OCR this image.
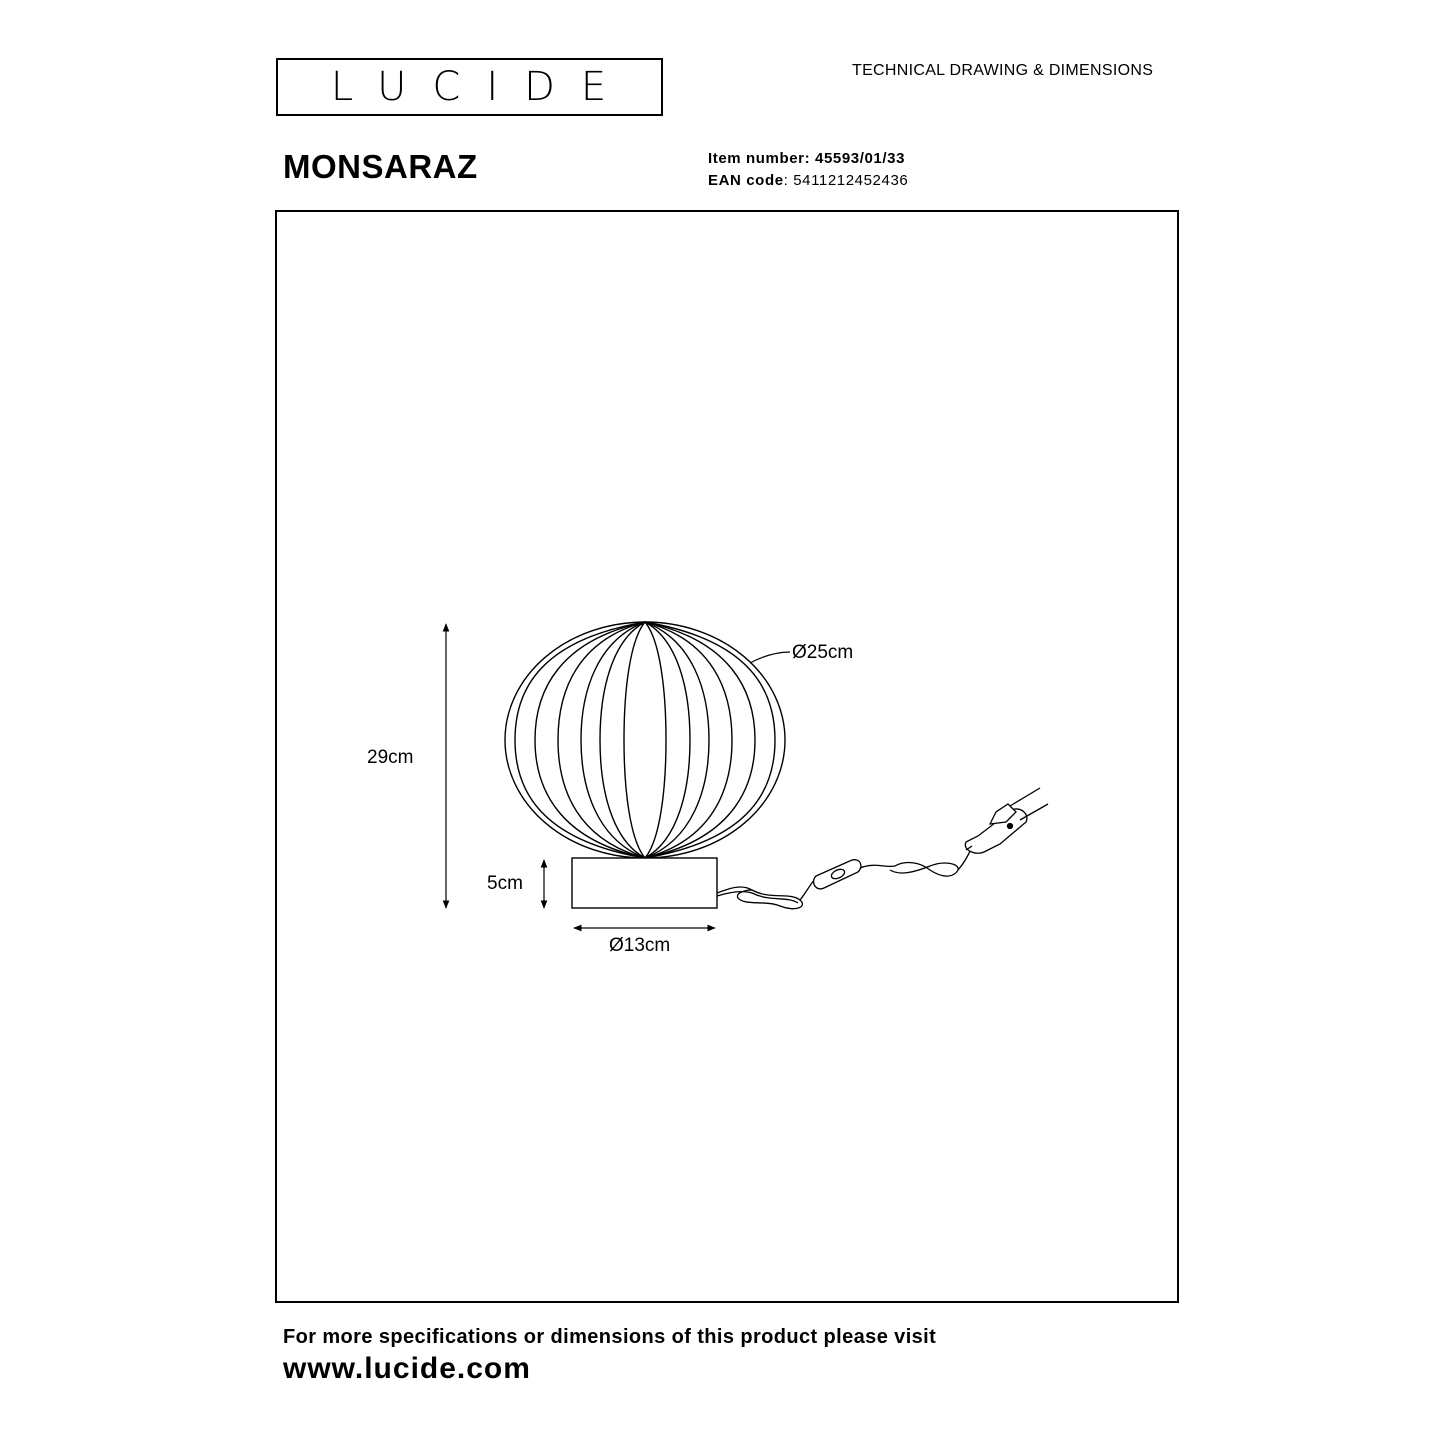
LUCIDE	TECHNICAL DRAWING & DIMENSIONS
MONSARAZ	Item number: 45593/01/33
EAN code: 5411212452436
29cm
Ø25cm
5cm
Ø13cm
For more specifications or dimensions of this product please visit
www.lucide.com
